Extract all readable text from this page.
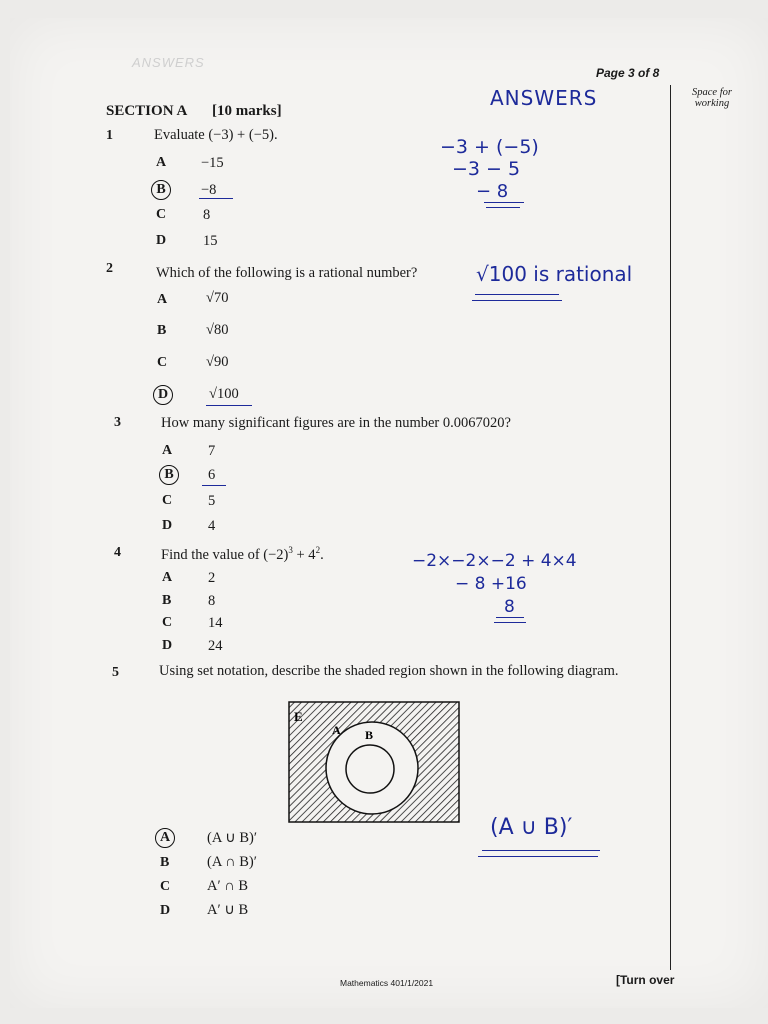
ANSWERS
Page 3 of 8
Space for
working
SECTION A [10 marks]
ANSWERS
1	Evaluate (−3) + (−5).
A −15
B	−8
C	8
D	15
−3 + (−5)
−3 − 5
− 8
2	Which of the following is a rational number?
A	√70
B	√80
C	√90
D	√100
√100 is rational
3	How many significant figures are in the number 0.0067020?
A 7
B	6
C 5
D 4
4	Find the value of $(-2)^3 + 4^2$.
A 2
B	8
C 14
D 24
−2×−2×−2 + 4×4
− 8 +16
8
5	Using set notation, describe the shaded region shown in the following diagram.
E
A B
A	(A ∪ B)′
B	(A ∩ B)′
C	A′ ∩ B
D	A′ ∪ B
(A ∪ B)′
Mathematics 401/1/2021	[Turn over
